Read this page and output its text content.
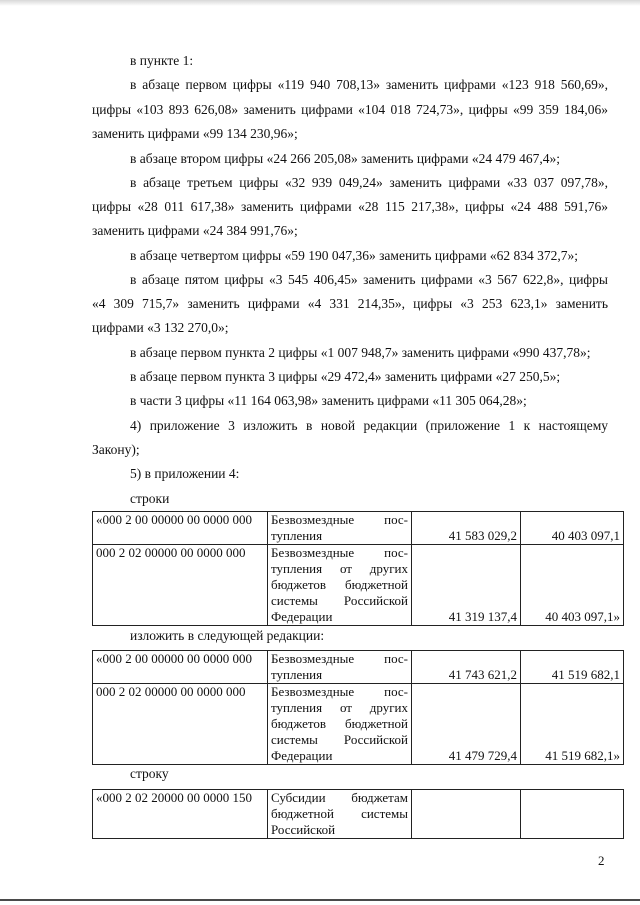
в пункте 1:

в абзаце первом цифры «119 940 708,13» заменить цифрами «123 918 560,69»,

цифры «103 893 626,08» заменить цифрами «104 018 724,73», цифры «99 359 184,06»

заменить цифрами «99 134 230,96»;

в абзаце втором цифры «24 266 205,08» заменить цифрами «24 479 467,4»;

в абзаце третьем цифры «32 939 049,24» заменить цифрами «33 037 097,78»,

цифры «28 011 617,38» заменить цифрами «28 115 217,38», цифры «24 488 591,76»

заменить цифрами «24 384 991,76»;

в абзаце четвертом цифры «59 190 047,36» заменить цифрами «62 834 372,7»;

в абзаце пятом цифры «3 545 406,45» заменить цифрами «3 567 622,8», цифры

«4 309 715,7» заменить цифрами «4 331 214,35», цифры «3 253 623,1» заменить

цифрами «3 132 270,0»;

в абзаце первом пункта 2 цифры «1 007 948,7» заменить цифрами «990 437,78»;

в абзаце первом пункта 3 цифры «29 472,4» заменить цифрами «27 250,5»;

в части 3 цифры «11 164 063,98» заменить цифрами «11 305 064,28»;

4) приложение 3 изложить в новой редакции (приложение 1 к настоящему

Закону);

5) в приложении 4:

строки

«000 2 00 00000 00 0000 000	Безвозмездные пос-
тупления	41 583 029,2	40 403 097,1
000 2 02 00000 00 0000 000	Безвозмездные пос-
тупления от других
бюджетов бюджетной
системы Российской
Федерации	41 319 137,4	40 403 097,1»

изложить в следующей редакции:

«000 2 00 00000 00 0000 000	Безвозмездные пос-
тупления	41 743 621,2	41 519 682,1
000 2 02 00000 00 0000 000	Безвозмездные пос-
тупления от других
бюджетов бюджетной
системы Российской
Федерации	41 479 729,4	41 519 682,1»

строку

«000 2 02 20000 00 0000 150	Субсидии бюджетам
бюджетной системы
Российской

2
